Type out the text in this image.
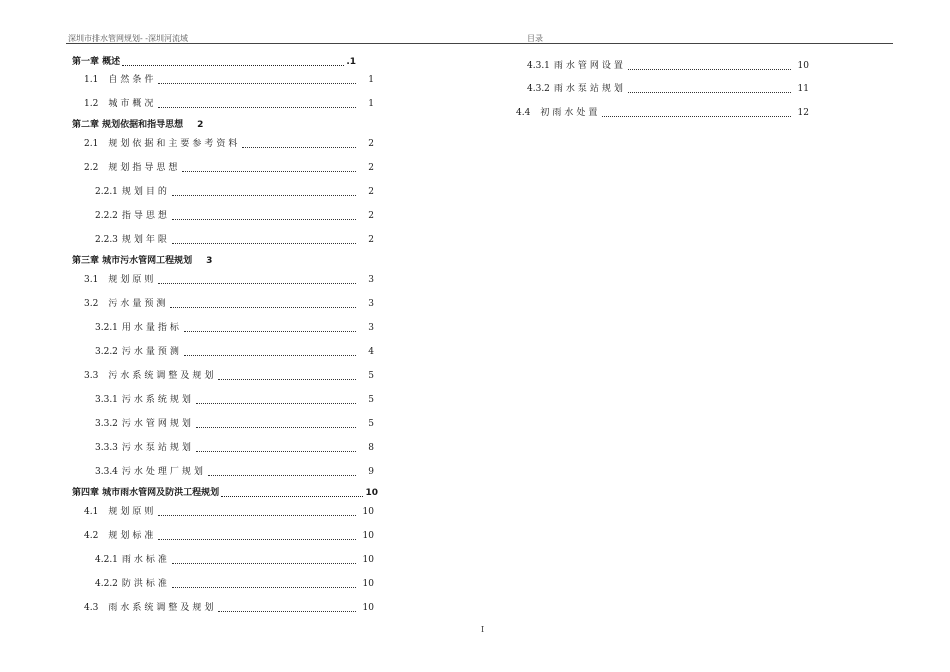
深圳市排水管网规划- -深圳河流域	目录
第一章 概述	.1
1.1 自然条件	1
1.2 城市概况	1
第二章 规划依据和指导思想 2
2.1 规划依据和主要参考资料	2
2.2 规划指导思想	2
2.2.1 规划目的	2
2.2.2 指导思想	2
2.2.3 规划年限	2
第三章 城市污水管网工程规划 3
3.1 规划原则	3
3.2 污水量预测	3
3.2.1 用水量指标	3
3.2.2 污水量预测	4
3.3 污水系统调整及规划	5
3.3.1 污水系统规划	5
3.3.2 污水管网规划	5
3.3.3 污水泵站规划	8
3.3.4 污水处理厂规划	9
第四章 城市雨水管网及防洪工程规划	10
4.1 规划原则	10
4.2 规划标准	10
4.2.1 雨水标准	10
4.2.2 防洪标准	10
4.3 雨水系统调整及规划	10
4.3.1 雨水管网设置	10
4.3.2 雨水泵站规划	11
4.4 初雨水处置	12
I
